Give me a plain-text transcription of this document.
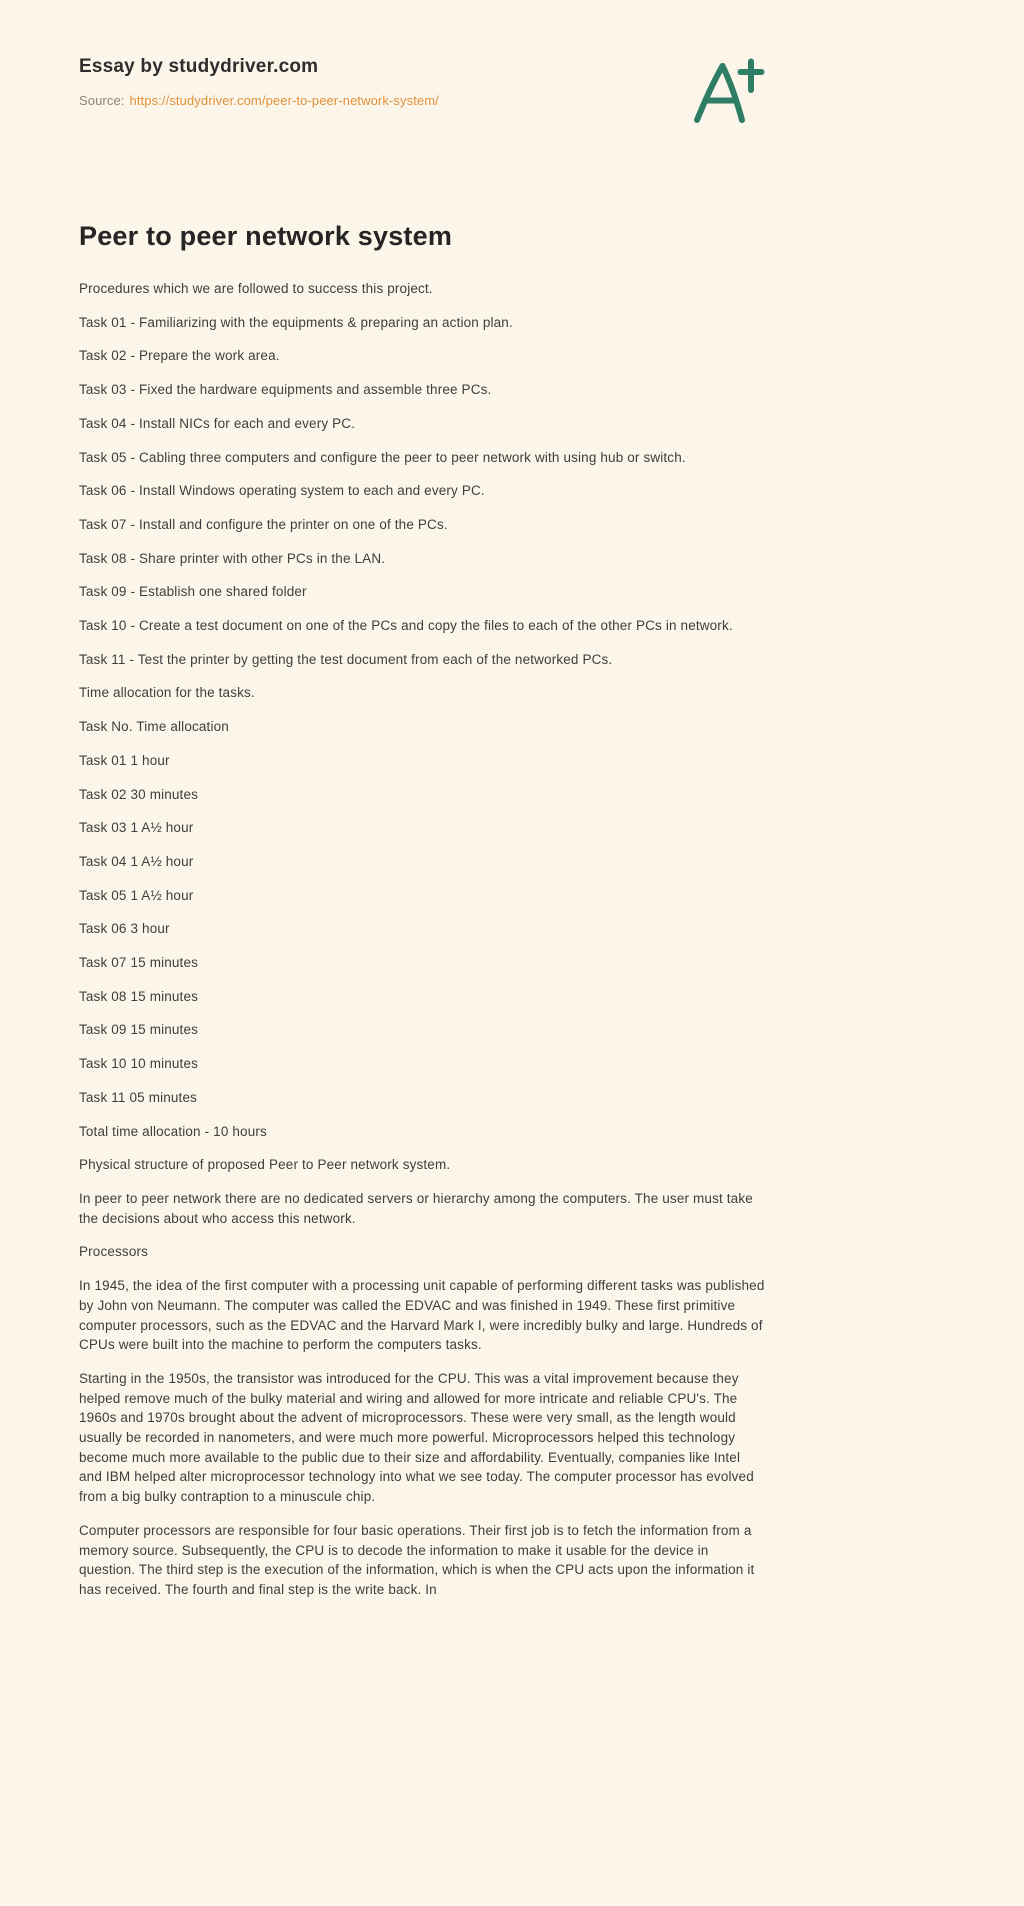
Essay by studydriver.com
Source: https://studydriver.com/peer-to-peer-network-system/
Peer to peer network system

Procedures which we are followed to success this project.

Task 01 - Familiarizing with the equipments & preparing an action plan.

Task 02 - Prepare the work area.

Task 03 - Fixed the hardware equipments and assemble three PCs.

Task 04 - Install NICs for each and every PC.

Task 05 - Cabling three computers and configure the peer to peer network with using hub or switch.

Task 06 - Install Windows operating system to each and every PC.

Task 07 - Install and configure the printer on one of the PCs.

Task 08 - Share printer with other PCs in the LAN.

Task 09 - Establish one shared folder

Task 10 - Create a test document on one of the PCs and copy the files to each of the other PCs in network.

Task 11 - Test the printer by getting the test document from each of the networked PCs.

Time allocation for the tasks.

Task No. Time allocation

Task 01 1 hour

Task 02 30 minutes

Task 03 1 A½ hour

Task 04 1 A½ hour

Task 05 1 A½ hour

Task 06 3 hour

Task 07 15 minutes

Task 08 15 minutes

Task 09 15 minutes

Task 10 10 minutes

Task 11 05 minutes

Total time allocation - 10 hours

Physical structure of proposed Peer to Peer network system.

In peer to peer network there are no dedicated servers or hierarchy among the computers. The user must take the decisions about who access this network.

Processors

In 1945, the idea of the first computer with a processing unit capable of performing different tasks was published by John von Neumann. The computer was called the EDVAC and was finished in 1949. These first primitive computer processors, such as the EDVAC and the Harvard Mark I, were incredibly bulky and large. Hundreds of CPUs were built into the machine to perform the computers tasks.

Starting in the 1950s, the transistor was introduced for the CPU. This was a vital improvement because they helped remove much of the bulky material and wiring and allowed for more intricate and reliable CPU's. The 1960s and 1970s brought about the advent of microprocessors. These were very small, as the length would usually be recorded in nanometers, and were much more powerful. Microprocessors helped this technology become much more available to the public due to their size and affordability. Eventually, companies like Intel and IBM helped alter microprocessor technology into what we see today. The computer processor has evolved from a big bulky contraption to a minuscule chip.

Computer processors are responsible for four basic operations. Their first job is to fetch the information from a memory source. Subsequently, the CPU is to decode the information to make it usable for the device in question. The third step is the execution of the information, which is when the CPU acts upon the information it has received. The fourth and final step is the write back. In
